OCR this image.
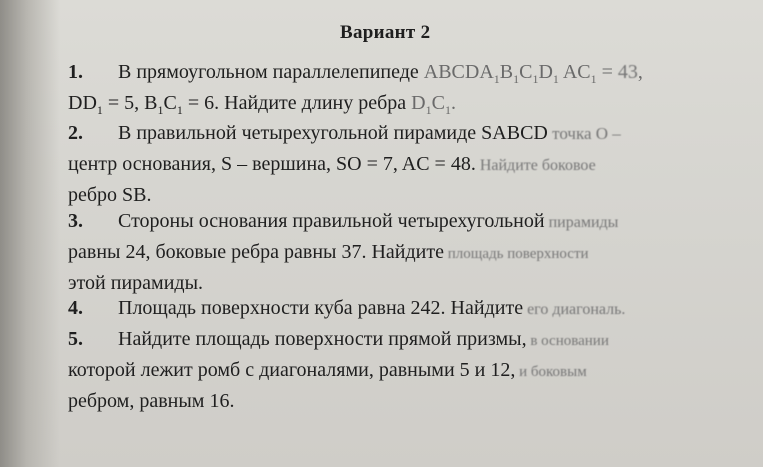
Вариант 2
1. В прямоугольном параллелепипеде $ABCDA_1B_1C_1D_1$ $AC_1 = 43$,
$DD_1 = 5$, $B_1C_1 = 6$. Найдите длину ребра $D_1C_1$.
2. В правильной четырехугольной пирамиде SABCD точка O –
центр основания, S – вершина, SO = 7, AC = 48. Найдите боковое
ребро SB.
3. Стороны основания правильной четырехугольной пирамиды
равны 24, боковые ребра равны 37. Найдите площадь поверхности
этой пирамиды.
4. Площадь поверхности куба равна 242. Найдите его диагональ.
5. Найдите площадь поверхности прямой призмы, в основании
которой лежит ромб с диагоналями, равными 5 и 12, и боковым
ребром, равным 16.
